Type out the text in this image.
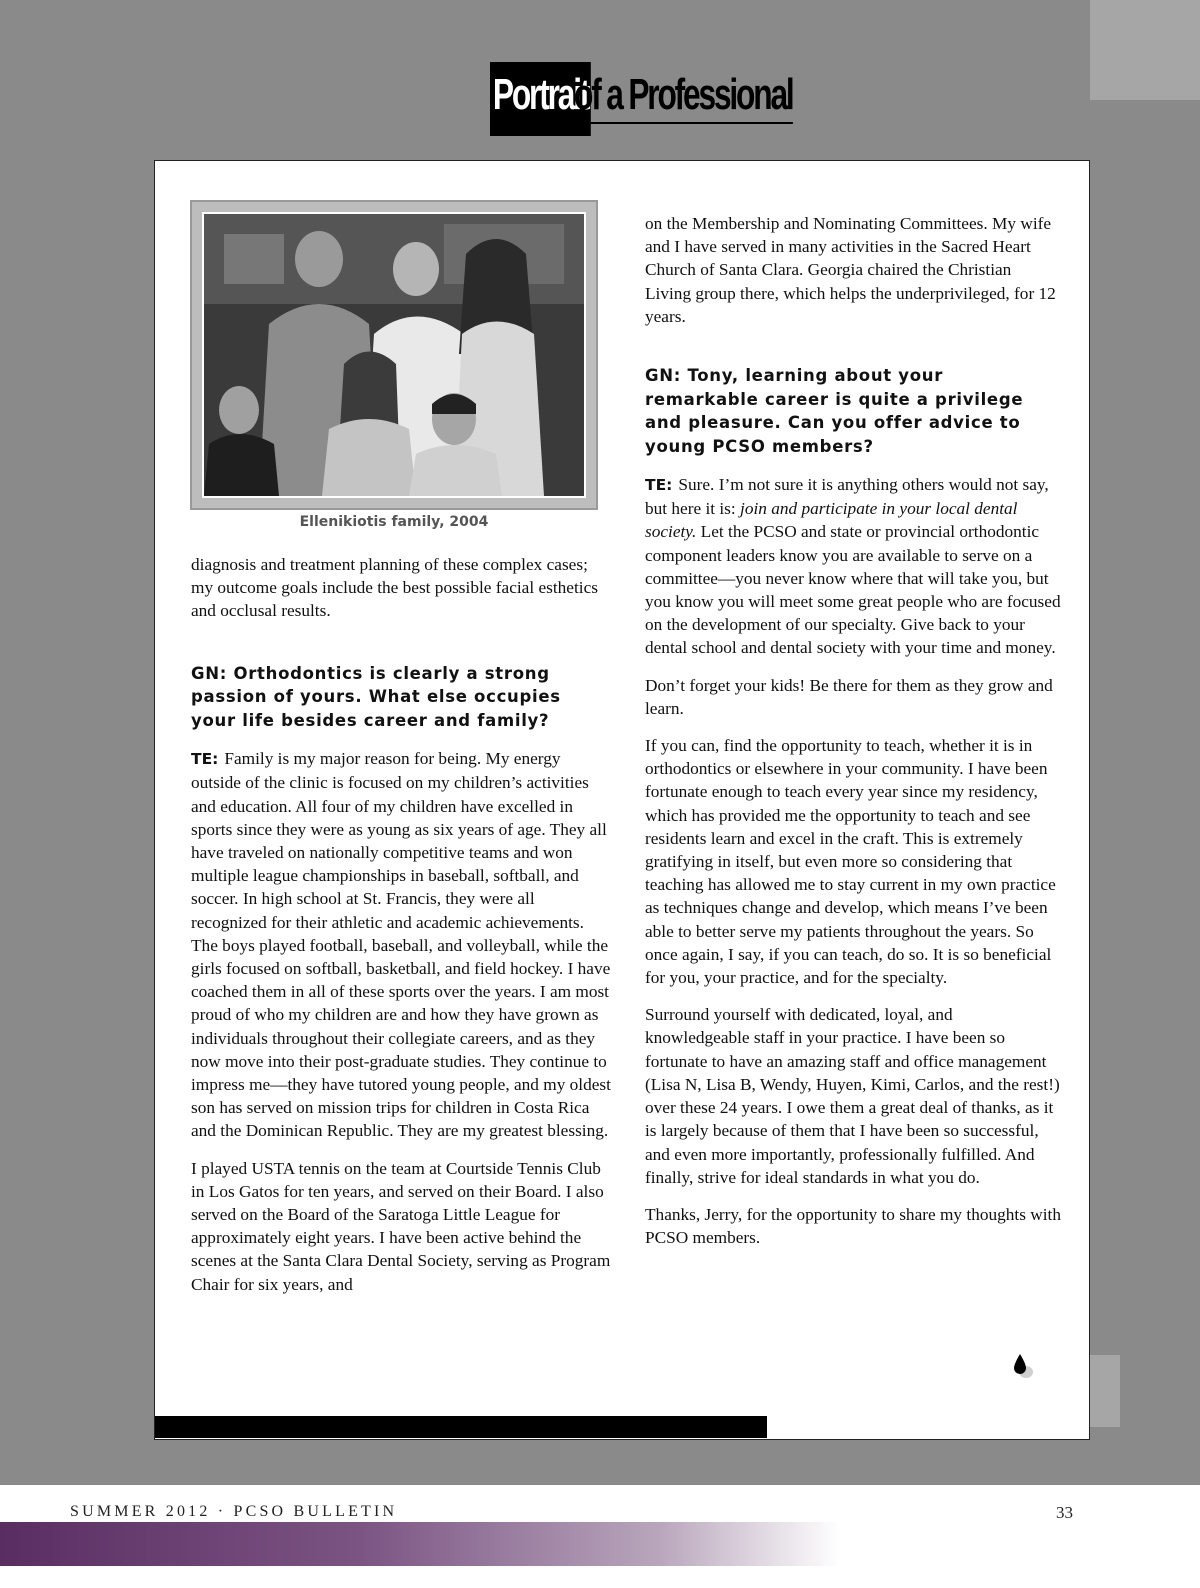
Portrait
of a Professional
Ellenikiotis family, 2004

diagnosis and treatment planning of these complex cases; my outcome goals include the best possible facial esthetics and occlusal results.

GN: Orthodontics is clearly a strong passion of yours. What else occupies your life besides career and family?

TE: Family is my major reason for being. My energy outside of the clinic is focused on my children’s activities and education. All four of my children have excelled in sports since they were as young as six years of age. They all have traveled on nationally competitive teams and won multiple league championships in baseball, softball, and soccer. In high school at St. Francis, they were all recognized for their athletic and academic achievements. The boys played football, baseball, and volleyball, while the girls focused on softball, basketball, and field hockey. I have coached them in all of these sports over the years. I am most proud of who my children are and how they have grown as individuals throughout their collegiate careers, and as they now move into their post-graduate studies. They continue to impress me—they have tutored young people, and my oldest son has served on mission trips for children in Costa Rica and the Dominican Republic. They are my greatest blessing.

I played USTA tennis on the team at Courtside Tennis Club in Los Gatos for ten years, and served on their Board. I also served on the Board of the Saratoga Little League for approximately eight years. I have been active behind the scenes at the Santa Clara Dental Society, serving as Program Chair for six years, and

on the Membership and Nominating Committees. My wife and I have served in many activities in the Sacred Heart Church of Santa Clara. Georgia chaired the Christian Living group there, which helps the underprivileged, for 12 years.

GN: Tony, learning about your remarkable career is quite a privilege and pleasure. Can you offer advice to young PCSO members?

TE: Sure. I’m not sure it is anything others would not say, but here it is: join and participate in your local dental society. Let the PCSO and state or provincial orthodontic component leaders know you are available to serve on a committee—you never know where that will take you, but you know you will meet some great people who are focused on the development of our specialty. Give back to your dental school and dental society with your time and money.

Don’t forget your kids! Be there for them as they grow and learn.

If you can, find the opportunity to teach, whether it is in orthodontics or elsewhere in your community. I have been fortunate enough to teach every year since my residency, which has provided me the opportunity to teach and see residents learn and excel in the craft. This is extremely gratifying in itself, but even more so considering that teaching has allowed me to stay current in my own practice as techniques change and develop, which means I’ve been able to better serve my patients throughout the years. So once again, I say, if you can teach, do so. It is so beneficial for you, your practice, and for the specialty.

Surround yourself with dedicated, loyal, and knowledgeable staff in your practice. I have been so fortunate to have an amazing staff and office management (Lisa N, Lisa B, Wendy, Huyen, Kimi, Carlos, and the rest!) over these 24 years. I owe them a great deal of thanks, as it is largely because of them that I have been so successful, and even more importantly, professionally fulfilled. And finally, strive for ideal standards in what you do.

Thanks, Jerry, for the opportunity to share my thoughts with PCSO members.

SUMMER 2012 · PCSO BULLETIN	33
